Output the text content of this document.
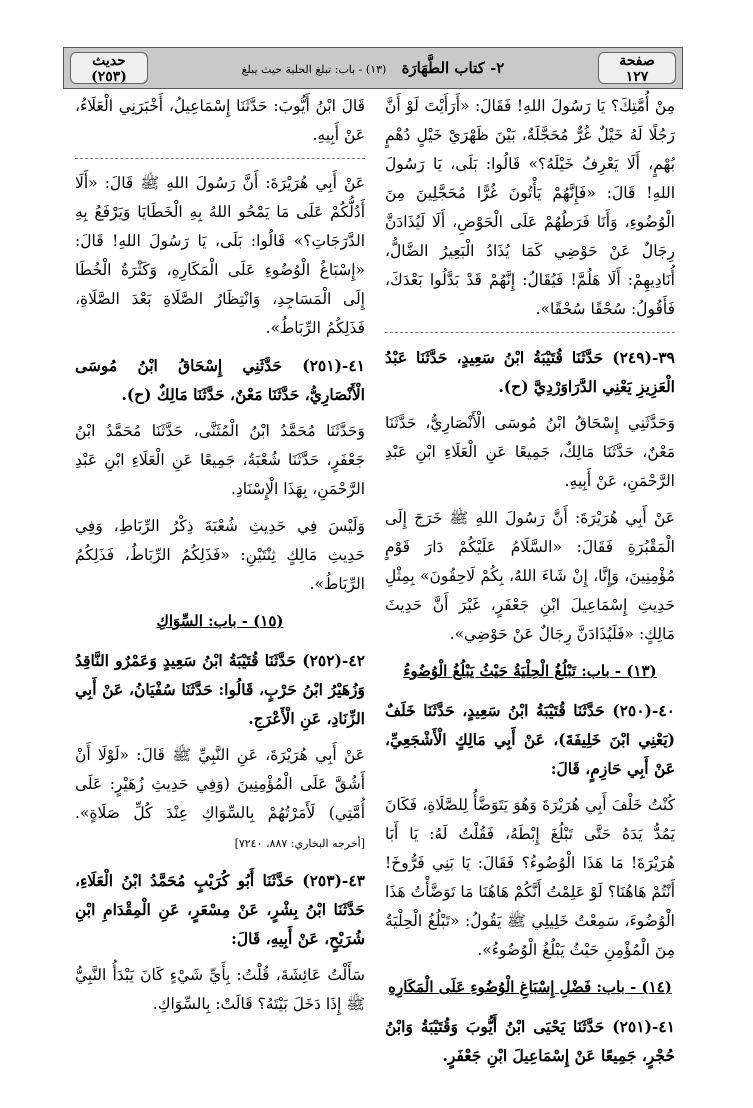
صفحة
١٢٧
٢- كتاب الطَّهَارَة   (١٣) - باب: تبلغ الحلية حيث يبلغ
حديث
(٢٥٣)

مِنْ أُمَّتِكَ؟ يَا رَسُولَ اللهِ! فَقَالَ: «أَرَأَيْتَ لَوْ أَنَّ رَجُلًا لَهُ خَيْلٌ غُرٌّ مُحَجَّلَةٌ، بَيْنَ ظَهْرَيْ خَيْلٍ دُهْمٍ بُهْمٍ، أَلَا يَعْرِفُ خَيْلَهُ؟» قَالُوا: بَلَى، يَا رَسُولَ اللهِ! قَالَ: «فَإِنَّهُمْ يَأْتُونَ غُرًّا مُحَجَّلِينَ مِنَ الْوُضُوءِ، وَأَنَا فَرَطُهُمْ عَلَى الْحَوْضِ، أَلَا لَيُذَادَنَّ رِجَالٌ عَنْ حَوْضِي كَمَا يُذَادُ الْبَعِيرُ الضَّالُّ، أُنَادِيهِمْ: أَلَا هَلُمَّ! فَيُقَالُ: إِنَّهُمْ قَدْ بَدَّلُوا بَعْدَكَ، فَأَقُولُ: سُحْقًا سُحْقًا».

٣٩-(٢٤٩) حَدَّثَنَا قُتَيْبَةُ ابْنُ سَعِيدٍ، حَدَّثَنَا عَبْدُ الْعَزِيزِ يَعْنِي الدَّرَاوَرْدِيَّ (ح).

وَحَدَّثَنِي إِسْحَاقُ ابْنُ مُوسَى الْأَنْصَارِيُّ، حَدَّثَنَا مَعْنٌ، حَدَّثَنَا مَالِكٌ، جَمِيعًا عَنِ الْعَلَاءِ ابْنِ عَبْدِ الرَّحْمَنِ، عَنْ أَبِيهِ.

عَنْ أَبِي هُرَيْرَةَ: أَنَّ رَسُولَ اللهِ ﷺ خَرَجَ إِلَى الْمَقْبُرَةِ فَقَالَ: «السَّلَامُ عَلَيْكُمْ دَارَ قَوْمٍ مُؤْمِنِينَ، وَإِنَّا، إِنْ شَاءَ اللهُ، بِكُمْ لَاحِقُونَ» بِمِثْلِ حَدِيثِ إِسْمَاعِيلَ ابْنِ جَعْفَرٍ، غَيْرَ أَنَّ حَدِيثَ مَالِكٍ: «فَلَيُذَادَنَّ رِجَالٌ عَنْ حَوْضِي».

(١٣) - باب: تَبْلُغُ الْحِلْيَةُ حَيْثُ يَبْلُغُ الْوُضُوءُ

٤٠-(٢٥٠) حَدَّثَنَا قُتَيْبَةُ ابْنُ سَعِيدٍ، حَدَّثَنَا خَلَفٌ (يَعْنِي ابْنَ خَلِيفَةَ)، عَنْ أَبِي مَالِكٍ الْأَشْجَعِيِّ، عَنْ أَبِي حَازِمٍ، قَالَ:

كُنْتُ خَلْفَ أَبِي هُرَيْرَةَ وَهُوَ يَتَوَضَّأُ لِلصَّلَاةِ، فَكَانَ يَمُدُّ يَدَهُ حَتَّى تَبْلُغَ إِبْطَهُ، فَقُلْتُ لَهُ: يَا أَبَا هُرَيْرَةَ! مَا هَذَا الْوُضُوءُ؟ فَقَالَ: يَا بَنِي فَرُّوخَ! أَنْتُمْ هَاهُنَا؟ لَوْ عَلِمْتُ أَنَّكُمْ هَاهُنَا مَا تَوَضَّأْتُ هَذَا الْوُضُوءَ، سَمِعْتُ خَلِيلِي ﷺ يَقُولُ: «تَبْلُغُ الْحِلْيَةُ مِنَ الْمُؤْمِنِ حَيْثُ يَبْلُغُ الْوُضُوءُ».

(١٤) - باب: فَضْلِ إِسْبَاغِ الْوُضُوءِ عَلَى الْمَكَارِهِ

٤١-(٢٥١) حَدَّثَنَا يَحْيَى ابْنُ أَيُّوبَ وَقُتَيْبَةُ وَابْنُ حُجْرٍ، جَمِيعًا عَنْ إِسْمَاعِيلَ ابْنِ جَعْفَرٍ.

قَالَ ابْنُ أَيُّوبَ: حَدَّثَنَا إِسْمَاعِيلُ، أَخْبَرَنِي الْعَلَاءُ، عَنْ أَبِيهِ.

عَنْ أَبِي هُرَيْرَةَ: أَنَّ رَسُولَ اللهِ ﷺ قَالَ: «أَلَا أَدُلُّكُمْ عَلَى مَا يَمْحُو اللهُ بِهِ الْخَطَايَا وَيَرْفَعُ بِهِ الدَّرَجَاتِ؟» قَالُوا: بَلَى، يَا رَسُولَ اللهِ! قَالَ: «إِسْبَاغُ الْوُضُوءِ عَلَى الْمَكَارِهِ، وَكَثْرَةُ الْخُطَا إِلَى الْمَسَاجِدِ، وَانْتِظَارُ الصَّلَاةِ بَعْدَ الصَّلَاةِ، فَذَلِكُمُ الرِّبَاطُ».

٤١-(٢٥١) حَدَّثَنِي إِسْحَاقُ ابْنُ مُوسَى الْأَنْصَارِيُّ، حَدَّثَنَا مَعْنٌ، حَدَّثَنَا مَالِكٌ (ح).

وَحَدَّثَنَا مُحَمَّدُ ابْنُ الْمُثَنَّى، حَدَّثَنَا مُحَمَّدُ ابْنُ جَعْفَرٍ، حَدَّثَنَا شُعْبَةُ، جَمِيعًا عَنِ الْعَلَاءِ ابْنِ عَبْدِ الرَّحْمَنِ، بِهَذَا الْإِسْنَادِ.

وَلَيْسَ فِي حَدِيثِ شُعْبَةَ ذِكْرُ الرِّبَاطِ، وَفِي حَدِيثِ مَالِكٍ ثِنْتَيْنِ: «فَذَلِكُمُ الرِّبَاطُ، فَذَلِكُمُ الرِّبَاطُ».

(١٥) - باب: السِّوَاكِ

٤٢-(٢٥٢) حَدَّثَنَا قُتَيْبَةُ ابْنُ سَعِيدٍ وَعَمْرٌو النَّاقِدُ وَزُهَيْرُ ابْنُ حَرْبٍ، قَالُوا: حَدَّثَنَا سُفْيَانُ، عَنْ أَبِي الزِّنَادِ، عَنِ الْأَعْرَجِ.

عَنْ أَبِي هُرَيْرَةَ، عَنِ النَّبِيِّ ﷺ قَالَ: «لَوْلَا أَنْ أَشُقَّ عَلَى الْمُؤْمِنِينَ (وَفِي حَدِيثِ زُهَيْرٍ: عَلَى أُمَّتِي) لَأَمَرْتُهُمْ بِالسِّوَاكِ عِنْدَ كُلِّ صَلَاةٍ». [أخرجه البخاري: ٨٨٧، ٧٢٤٠]

٤٣-(٢٥٣) حَدَّثَنَا أَبُو كُرَيْبٍ مُحَمَّدُ ابْنُ الْعَلَاءِ، حَدَّثَنَا ابْنُ بِشْرٍ، عَنْ مِسْعَرٍ، عَنِ الْمِقْدَامِ ابْنِ شُرَيْحٍ، عَنْ أَبِيهِ، قَالَ:

سَأَلْتُ عَائِشَةَ، قُلْتُ: بِأَيِّ شَيْءٍ كَانَ يَبْدَأُ النَّبِيُّ ﷺ إِذَا دَخَلَ بَيْتَهُ؟ قَالَتْ: بِالسِّوَاكِ.
